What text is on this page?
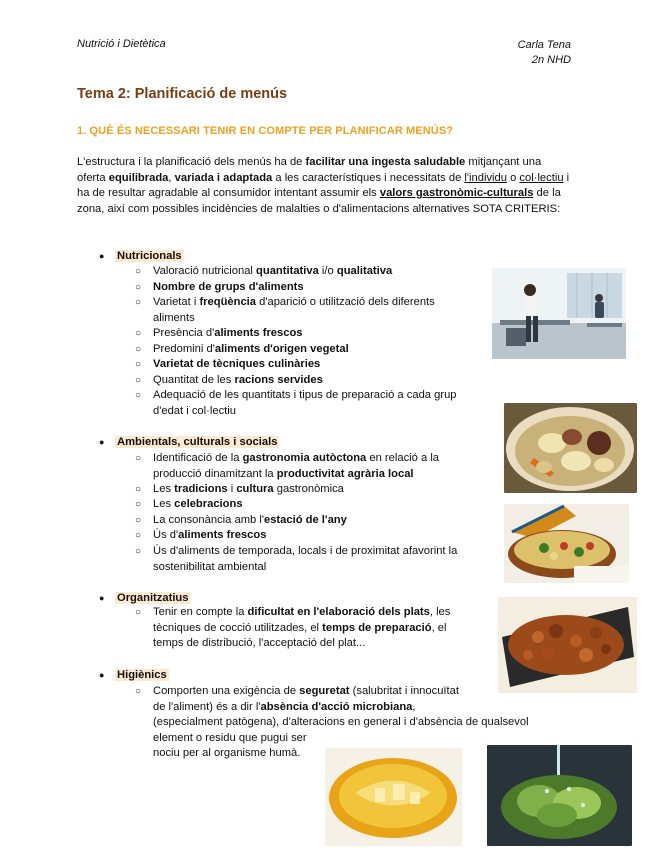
Nutrició i Dietètica	Carla Tena
2n NHD
Tema 2: Planificació de menús
1. QUÈ ÉS NECESSARI TENIR EN COMPTE PER PLANIFICAR MENÚS?
L'estructura i la planificació dels menús ha de facilitar una ingesta saludable mitjançant una oferta equilibrada, variada i adaptada a les característiques i necessitats de l'individu o col·lectiu i ha de resultar agradable al consumidor intentant assumir els valors gastronòmic-culturals de la zona, així com possibles incidències de malalties o d'alimentacions alternatives SOTA CRITERIS:
● Nutricionals
○ Valoració nutricional quantitativa i/o qualitativa
○ Nombre de grups d'aliments
○ Varietat i freqüència d'aparició o utilització dels diferents aliments
○ Presència d'aliments frescos
○ Predomini d'aliments d'origen vegetal
○ Varietat de tècniques culinàries
○ Quantitat de les racions servides
○ Adequació de les quantitats i tipus de preparació a cada grup d'edat i col·lectiu
● Ambientals, culturals i socials
○ Identificació de la gastronomia autòctona en relació a la producció dinamitzant la productivitat agrària local
○ Les tradicions i cultura gastronòmica
○ Les celebracions
○ La consonància amb l'estació de l'any
○ Ús d'aliments frescos
○ Ús d'aliments de temporada, locals i de proximitat afavorint la sostenibilitat ambiental
● Organitzatius
○ Tenir en compte la dificultat en l'elaboració dels plats, les tècniques de cocció utilitzades, el temps de preparació, el temps de distribució, l'acceptació del plat...
● Higiènics
○ Comporten una exigència de seguretat (salubritat i innocuïtat
de l'aliment) és a dir l'absència d'acció microbiana,
(especialment patògena), d'alteracions en general i d'absència de qualsevol
element o residu que pugui ser
nociu per al organisme humà.
